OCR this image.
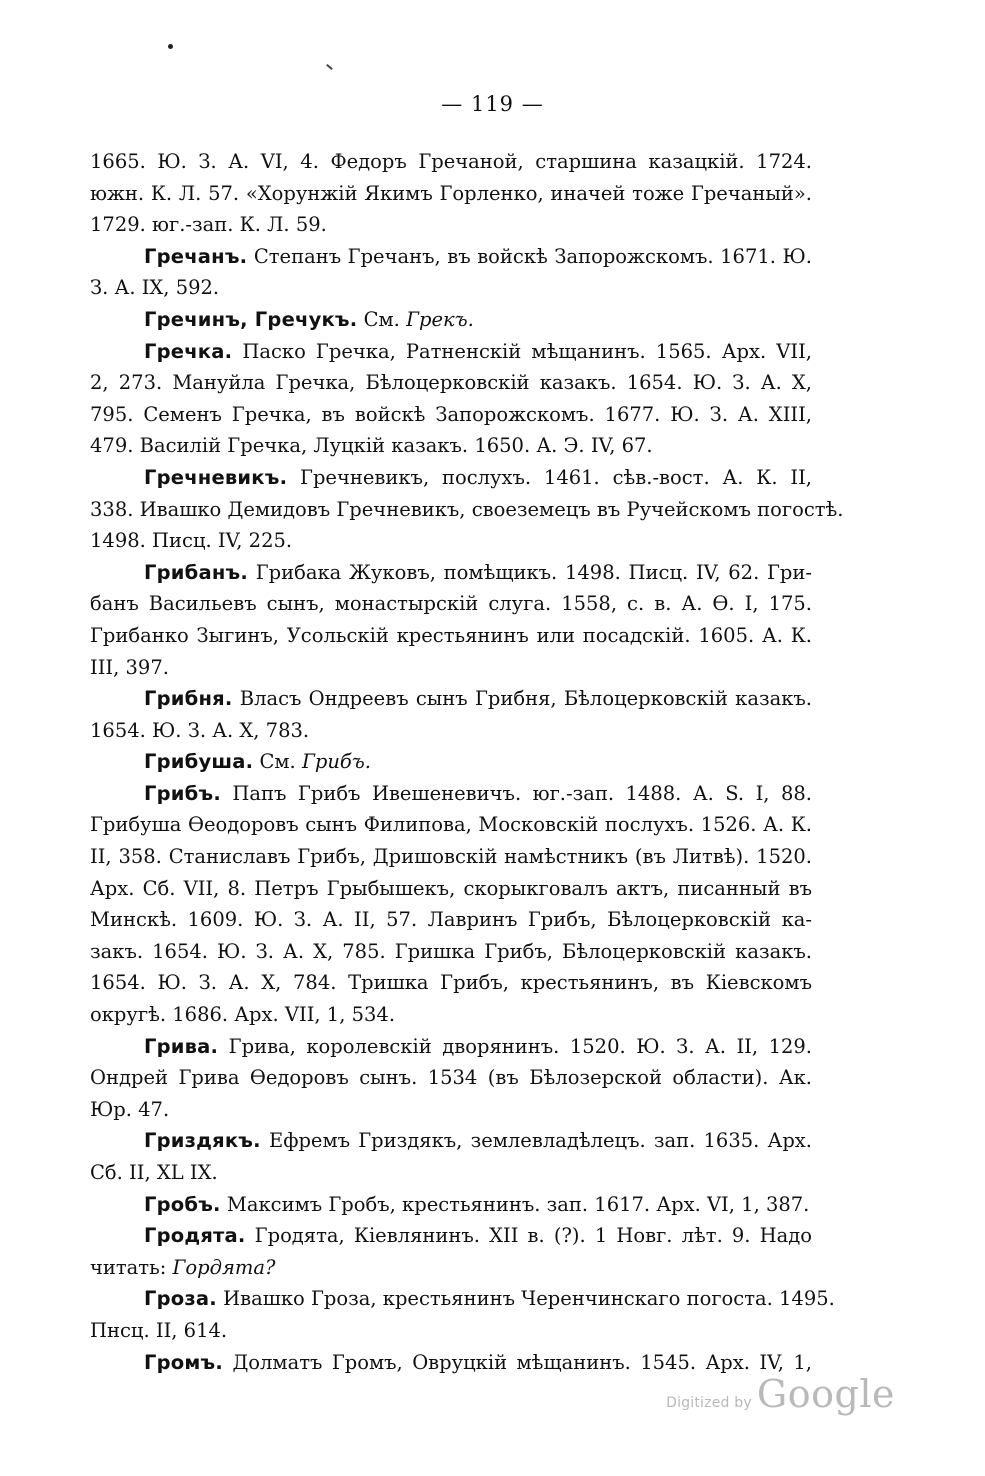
— 119 —

1665. Ю. З. А. VI, 4. Федоръ Гречаной, старшина казацкій. 1724.
южн. К. Л. 57. «Хорунжій Якимъ Горленко, иначей тоже Гречаный».
1729. юг.-зап. К. Л. 59.

Гречанъ. Степанъ Гречанъ, въ войскѣ Запорожскомъ. 1671. Ю.
З. А. IX, 592.

Гречинъ, Гречукъ. См. Грекъ.

Гречка. Паско Гречка, Ратненскій мѣщанинъ. 1565. Арх. VII,
2, 273. Мануйла Гречка, Бѣлоцерковскій казакъ. 1654. Ю. З. А. Х,
795. Семенъ Гречка, въ войскѣ Запорожскомъ. 1677. Ю. З. А. XIII,
479. Василій Гречка, Луцкій казакъ. 1650. А. Э. IV, 67.

Гречневикъ. Гречневикъ, послухъ. 1461. сѣв.-вост. А. К. II,
338. Ивашко Демидовъ Гречневикъ, своеземецъ въ Ручейскомъ погостѣ.
1498. Писц. IV, 225.

Грибанъ. Грибака Жуковъ, помѣщикъ. 1498. Писц. IV, 62. Гри-
банъ Васильевъ сынъ, монастырскій слуга. 1558, с. в. А. Ѳ. I, 175.
Грибанко Зыгинъ, Усольскій крестьянинъ или посадскій. 1605. А. К.
III, 397.

Грибня. Власъ Ондреевъ сынъ Грибня, Бѣлоцерковскій казакъ.
1654. Ю. З. А. Х, 783.

Грибуша. См. Грибъ.

Грибъ. Папъ Грибъ Ивешеневичъ. юг.-зап. 1488. А. S. I, 88.
Грибуша Ѳеодоровъ сынъ Филипова, Московскій послухъ. 1526. А. К.
II, 358. Станиславъ Грибъ, Дришовскій намѣстникъ (въ Литвѣ). 1520.
Арх. Сб. VII, 8. Петръ Грыбышекъ, скорыкговалъ актъ, писанный въ
Минскѣ. 1609. Ю. З. А. II, 57. Лавринъ Грибъ, Бѣлоцерковскій ка-
закъ. 1654. Ю. З. А. Х, 785. Гришка Грибъ, Бѣлоцерковскій казакъ.
1654. Ю. З. А. Х, 784. Тришка Грибъ, крестьянинъ, въ Кіевскомъ
округѣ. 1686. Арх. VII, 1, 534.

Грива. Грива, королевскій дворянинъ. 1520. Ю. З. А. II, 129.
Ондрей Грива Ѳедоровъ сынъ. 1534 (въ Бѣлозерской области). Ак.
Юр. 47.

Гриздякъ. Ефремъ Гриздякъ, землевладѣлецъ. зап. 1635. Арх.
Сб. II, XL IX.

Гробъ. Максимъ Гробъ, крестьянинъ. зап. 1617. Арх. VI, 1, 387.

Гродята. Гродята, Кіевлянинъ. XII в. (?). 1 Новг. лѣт. 9. Надо
читать: Гордята?

Гроза. Ивашко Гроза, крестьянинъ Черенчинскаго погоста. 1495.
Пнсц. II, 614.

Громъ. Долматъ Громъ, Овруцкій мѣщанинъ. 1545. Арх. IV, 1,

Digitized by Google
